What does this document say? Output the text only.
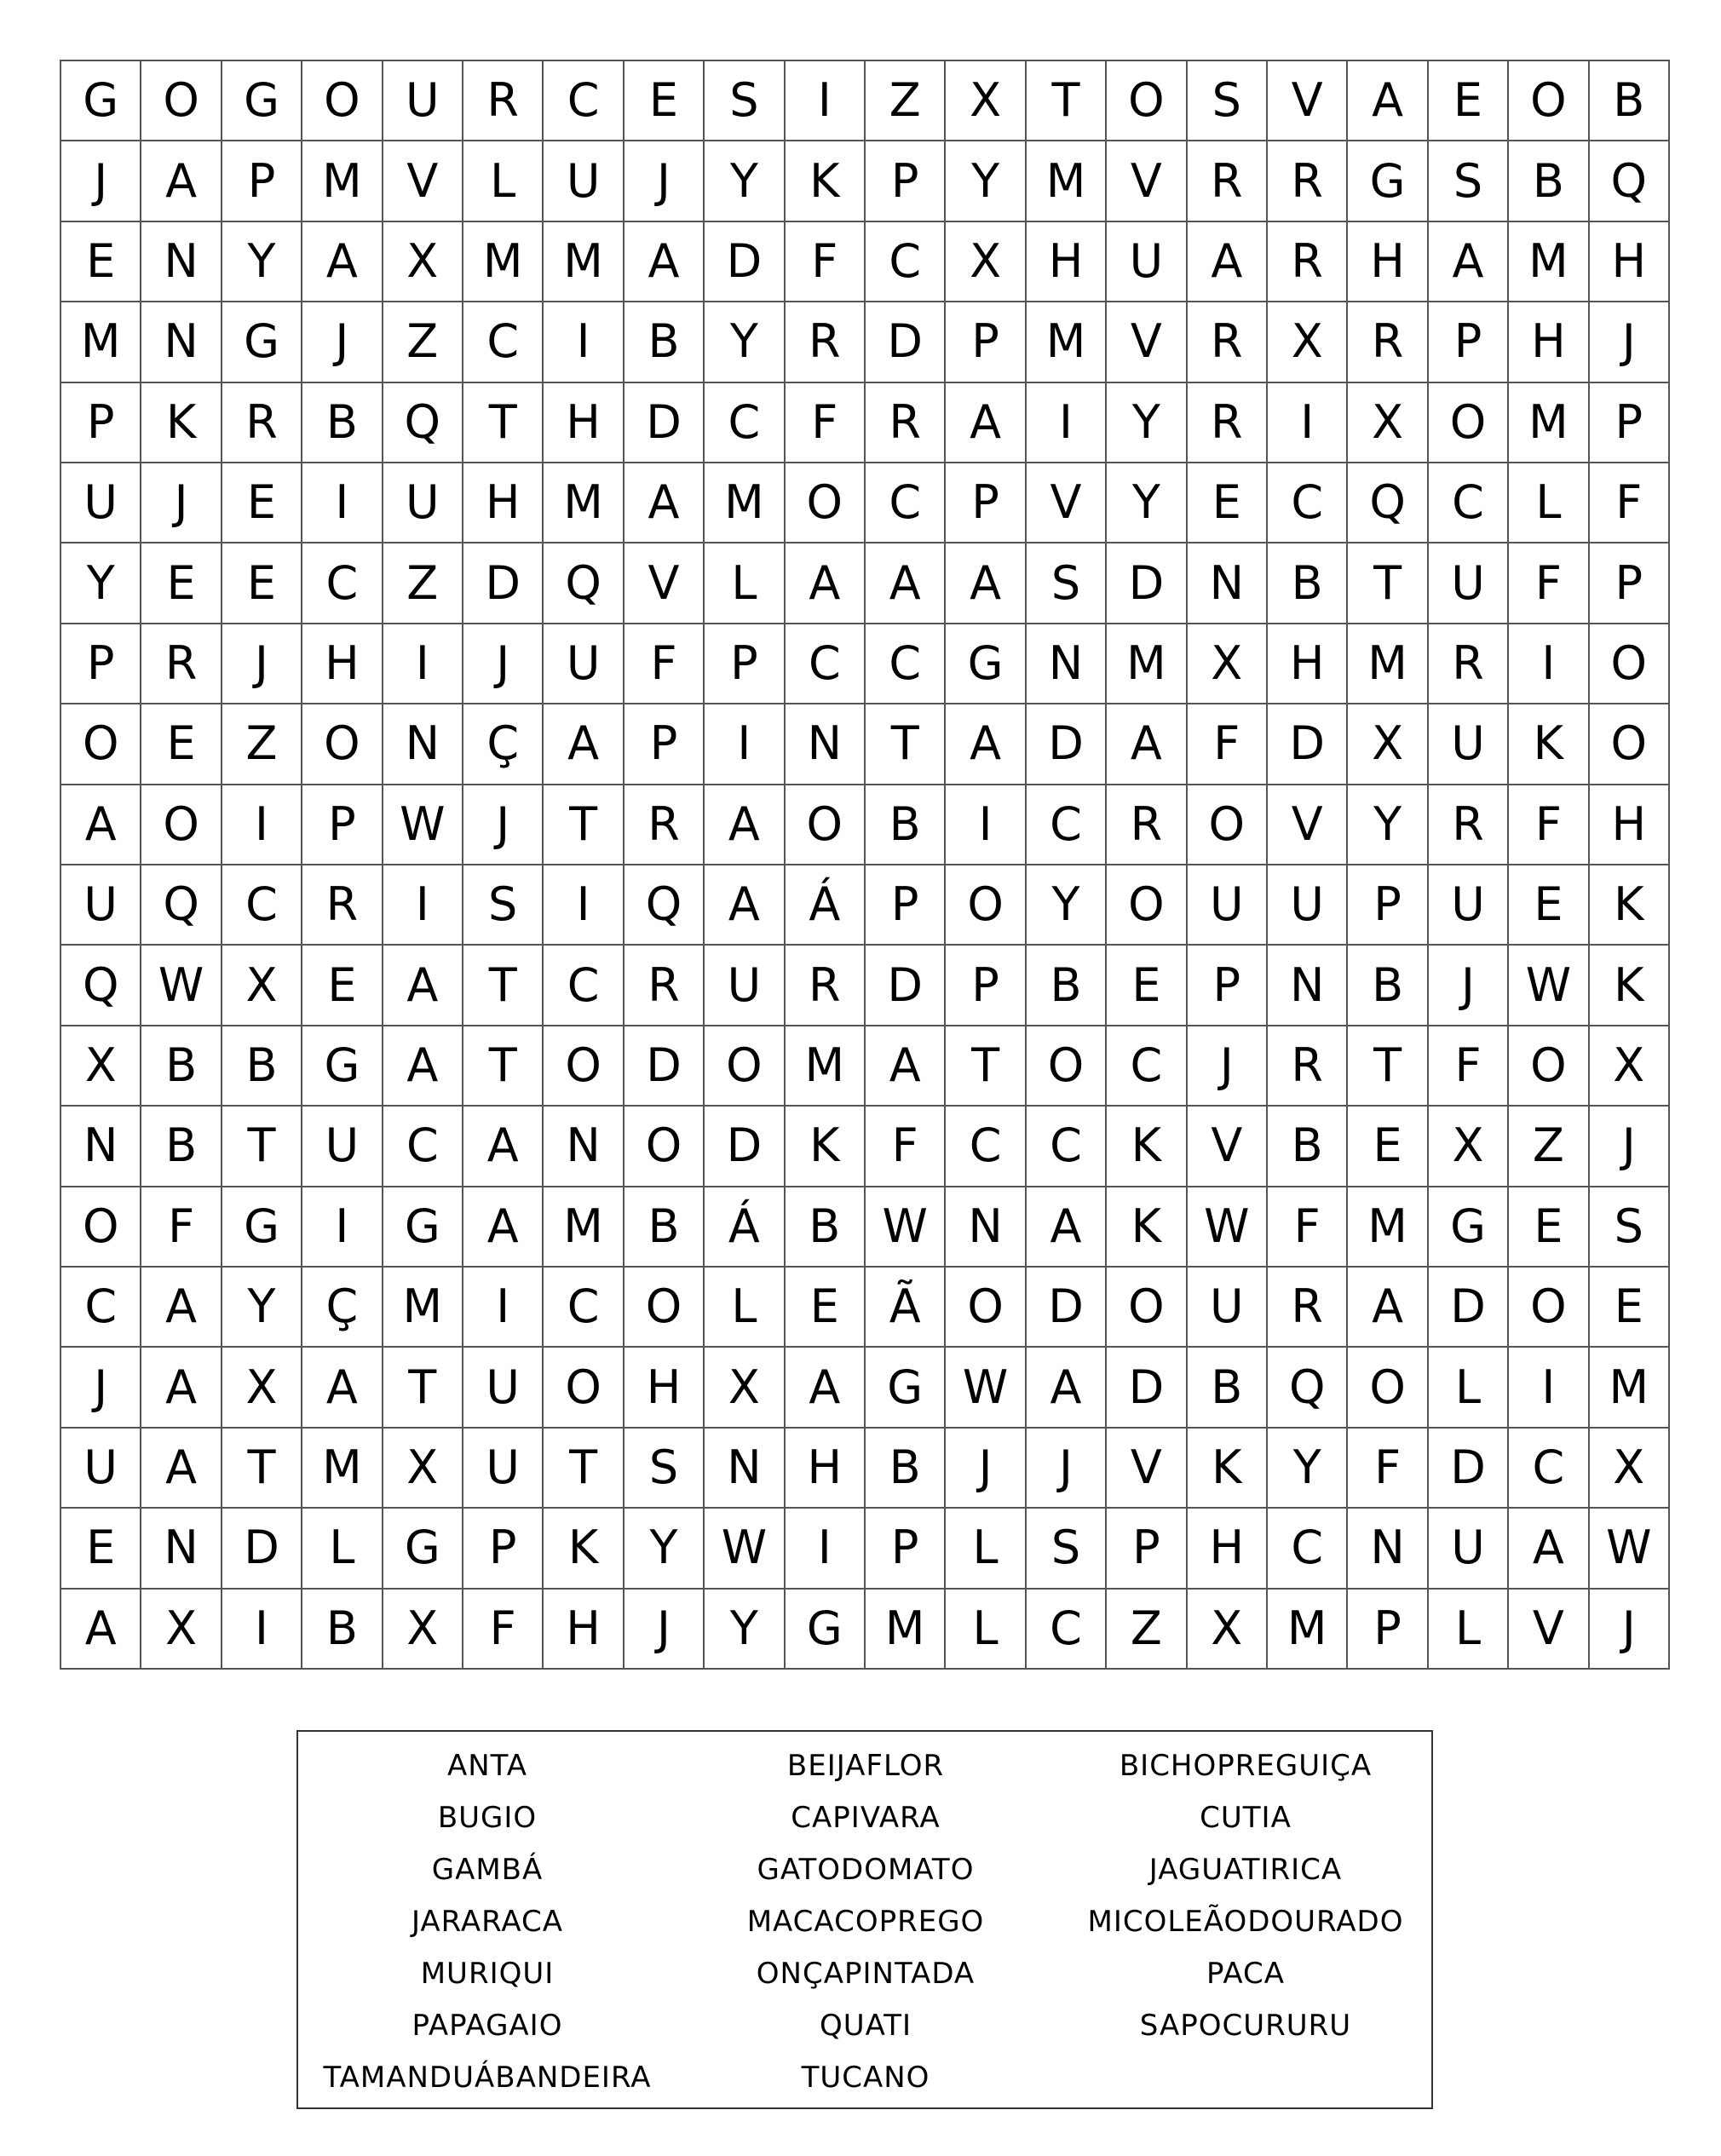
G O G O U	R	C	E	S	I	Z	X	T	O	S	V	A	E	O	B
J	A	P	M V	L	U	J	Y	K	P	Y	M V	R	R	G	S	B	Q
E	N	Y	A	X M M A	D	F	C	X	H	U	A	R	H	A M H
M N G	J	Z	C	I	B	Y	R	D	P	M V	R	X	R	P	H	J
P	K	R	B	Q	T	H D	C	F	R	A	I	Y	R	I	X	O M	P
U	J	E	I	U	H M A M O	C	P	V	Y	E	C	Q	C	L	F
Y	E	E	C	Z	D Q	V	L	A	A	A	S	D N	B	T	U	F	P
P	R	J	H	I	J	U	F	P	C	C	G N M X	H M R	I	O
O	E	Z	O N	Ç	A	P	I	N	T	A	D	A	F	D	X	U	K	O
A	O	I	P W	J	T	R	A	O	B	I	C	R	O	V	Y	R	F	H
U Q	C	R	I	S	I	Q	A	Á	P	O	Y	O U	U	P	U	E	K
Q W X	E	A	T	C	R	U	R	D	P	B	E	P	N	B	J	W K
X	B	B	G	A	T	O D O M A	T	O	C	J	R	T	F	O	X
N	B	T	U	C	A	N O D	K	F	C	C	K	V	B	E	X	Z	J
O	F	G	I	G	A M B	Á	B W N	A	K W F	M G	E	S
C	A	Y	Ç M	I	C	O	L	E	Ã	O D O U	R	A	D O	E
J	A	X	A	T	U O H	X	A	G W A	D	B	Q O	L	I	M
U	A	T	M X	U	T	S	N H	B	J	J	V	K	Y	F	D	C	X
E	N D	L	G	P	K	Y W	I	P	L	S	P	H	C	N	U	A W
A	X	I	B	X	F	H	J	Y	G M	L	C	Z	X M	P	L	V	J
ANTA	BEIJAFLOR	BICHOPREGUIÇA
BUGIO	CAPIVARA	CUTIA
GAMBÁ	GATODOMATO	JAGUATIRICA
JARARACA	MACACOPREGO	MICOLEÃODOURADO
MURIQUI	ONÇAPINTADA	PACA
PAPAGAIO	QUATI	SAPOCURURU
TAMANDUÁBANDEIRA	TUCANO
